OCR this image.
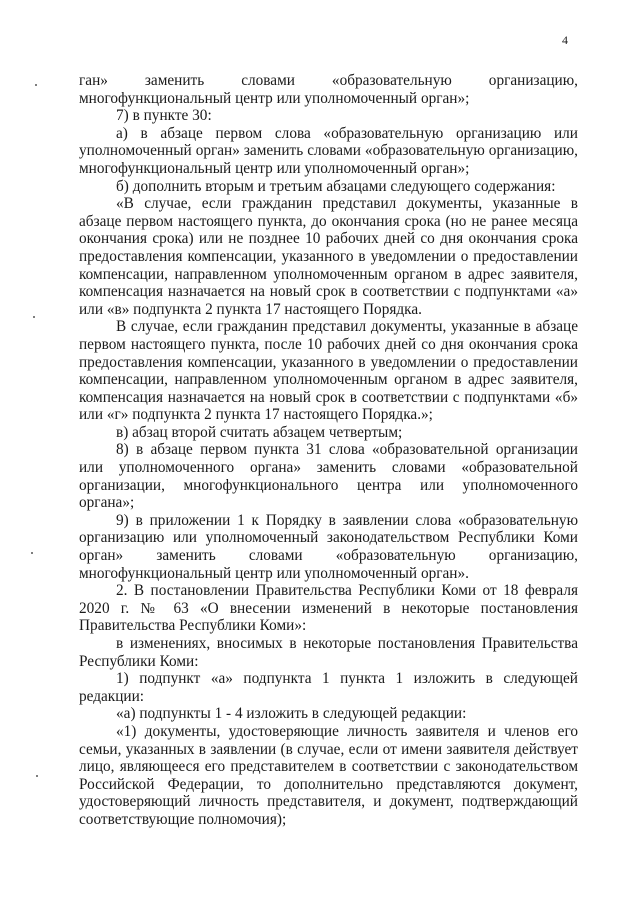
4

ган» заменить словами «образовательную организацию, многофункциональный центр или уполномоченный орган»;

7) в пункте 30:

а) в абзаце первом слова «образовательную организацию или уполномоченный орган» заменить словами «образовательную организацию, многофункциональный центр или уполномоченный орган»;

б) дополнить вторым и третьим абзацами следующего содержания:

«В случае, если гражданин представил документы, указанные в абзаце первом настоящего пункта, до окончания срока (но не ранее месяца окончания срока) или не позднее 10 рабочих дней со дня окончания срока предоставления компенсации, указанного в уведомлении о предоставлении компенсации, направленном уполномоченным органом в адрес заявителя, компенсация назначается на новый срок в соответствии с подпунктами «а» или «в» подпункта 2 пункта 17 настоящего Порядка.

В случае, если гражданин представил документы, указанные в абзаце первом настоящего пункта, после 10 рабочих дней со дня окончания срока предоставления компенсации, указанного в уведомлении о предоставлении компенсации, направленном уполномоченным органом в адрес заявителя, компенсация назначается на новый срок в соответствии с подпунктами «б» или «г» подпункта 2 пункта 17 настоящего Порядка.»;

в) абзац второй считать абзацем четвертым;

8) в абзаце первом пункта 31 слова «образовательной организации или уполномоченного органа» заменить словами «образовательной организации, многофункционального центра или уполномоченного органа»;

9) в приложении 1 к Порядку в заявлении слова «образовательную организацию или уполномоченный законодательством Республики Коми орган» заменить словами «образовательную организацию, многофункциональный центр или уполномоченный орган».

2. В постановлении Правительства Республики Коми от 18 февраля 2020 г. № 63 «О внесении изменений в некоторые постановления Правительства Республики Коми»:

в изменениях, вносимых в некоторые постановления Правительства Республики Коми:

1) подпункт «а» подпункта 1 пункта 1 изложить в следующей редакции:

«а) подпункты 1 - 4 изложить в следующей редакции:

«1) документы, удостоверяющие личность заявителя и членов его семьи, указанных в заявлении (в случае, если от имени заявителя действует лицо, являющееся его представителем в соответствии с законодательством Российской Федерации, то дополнительно представляются документ, удостоверяющий личность представителя, и документ, подтверждающий соответствующие полномочия);
